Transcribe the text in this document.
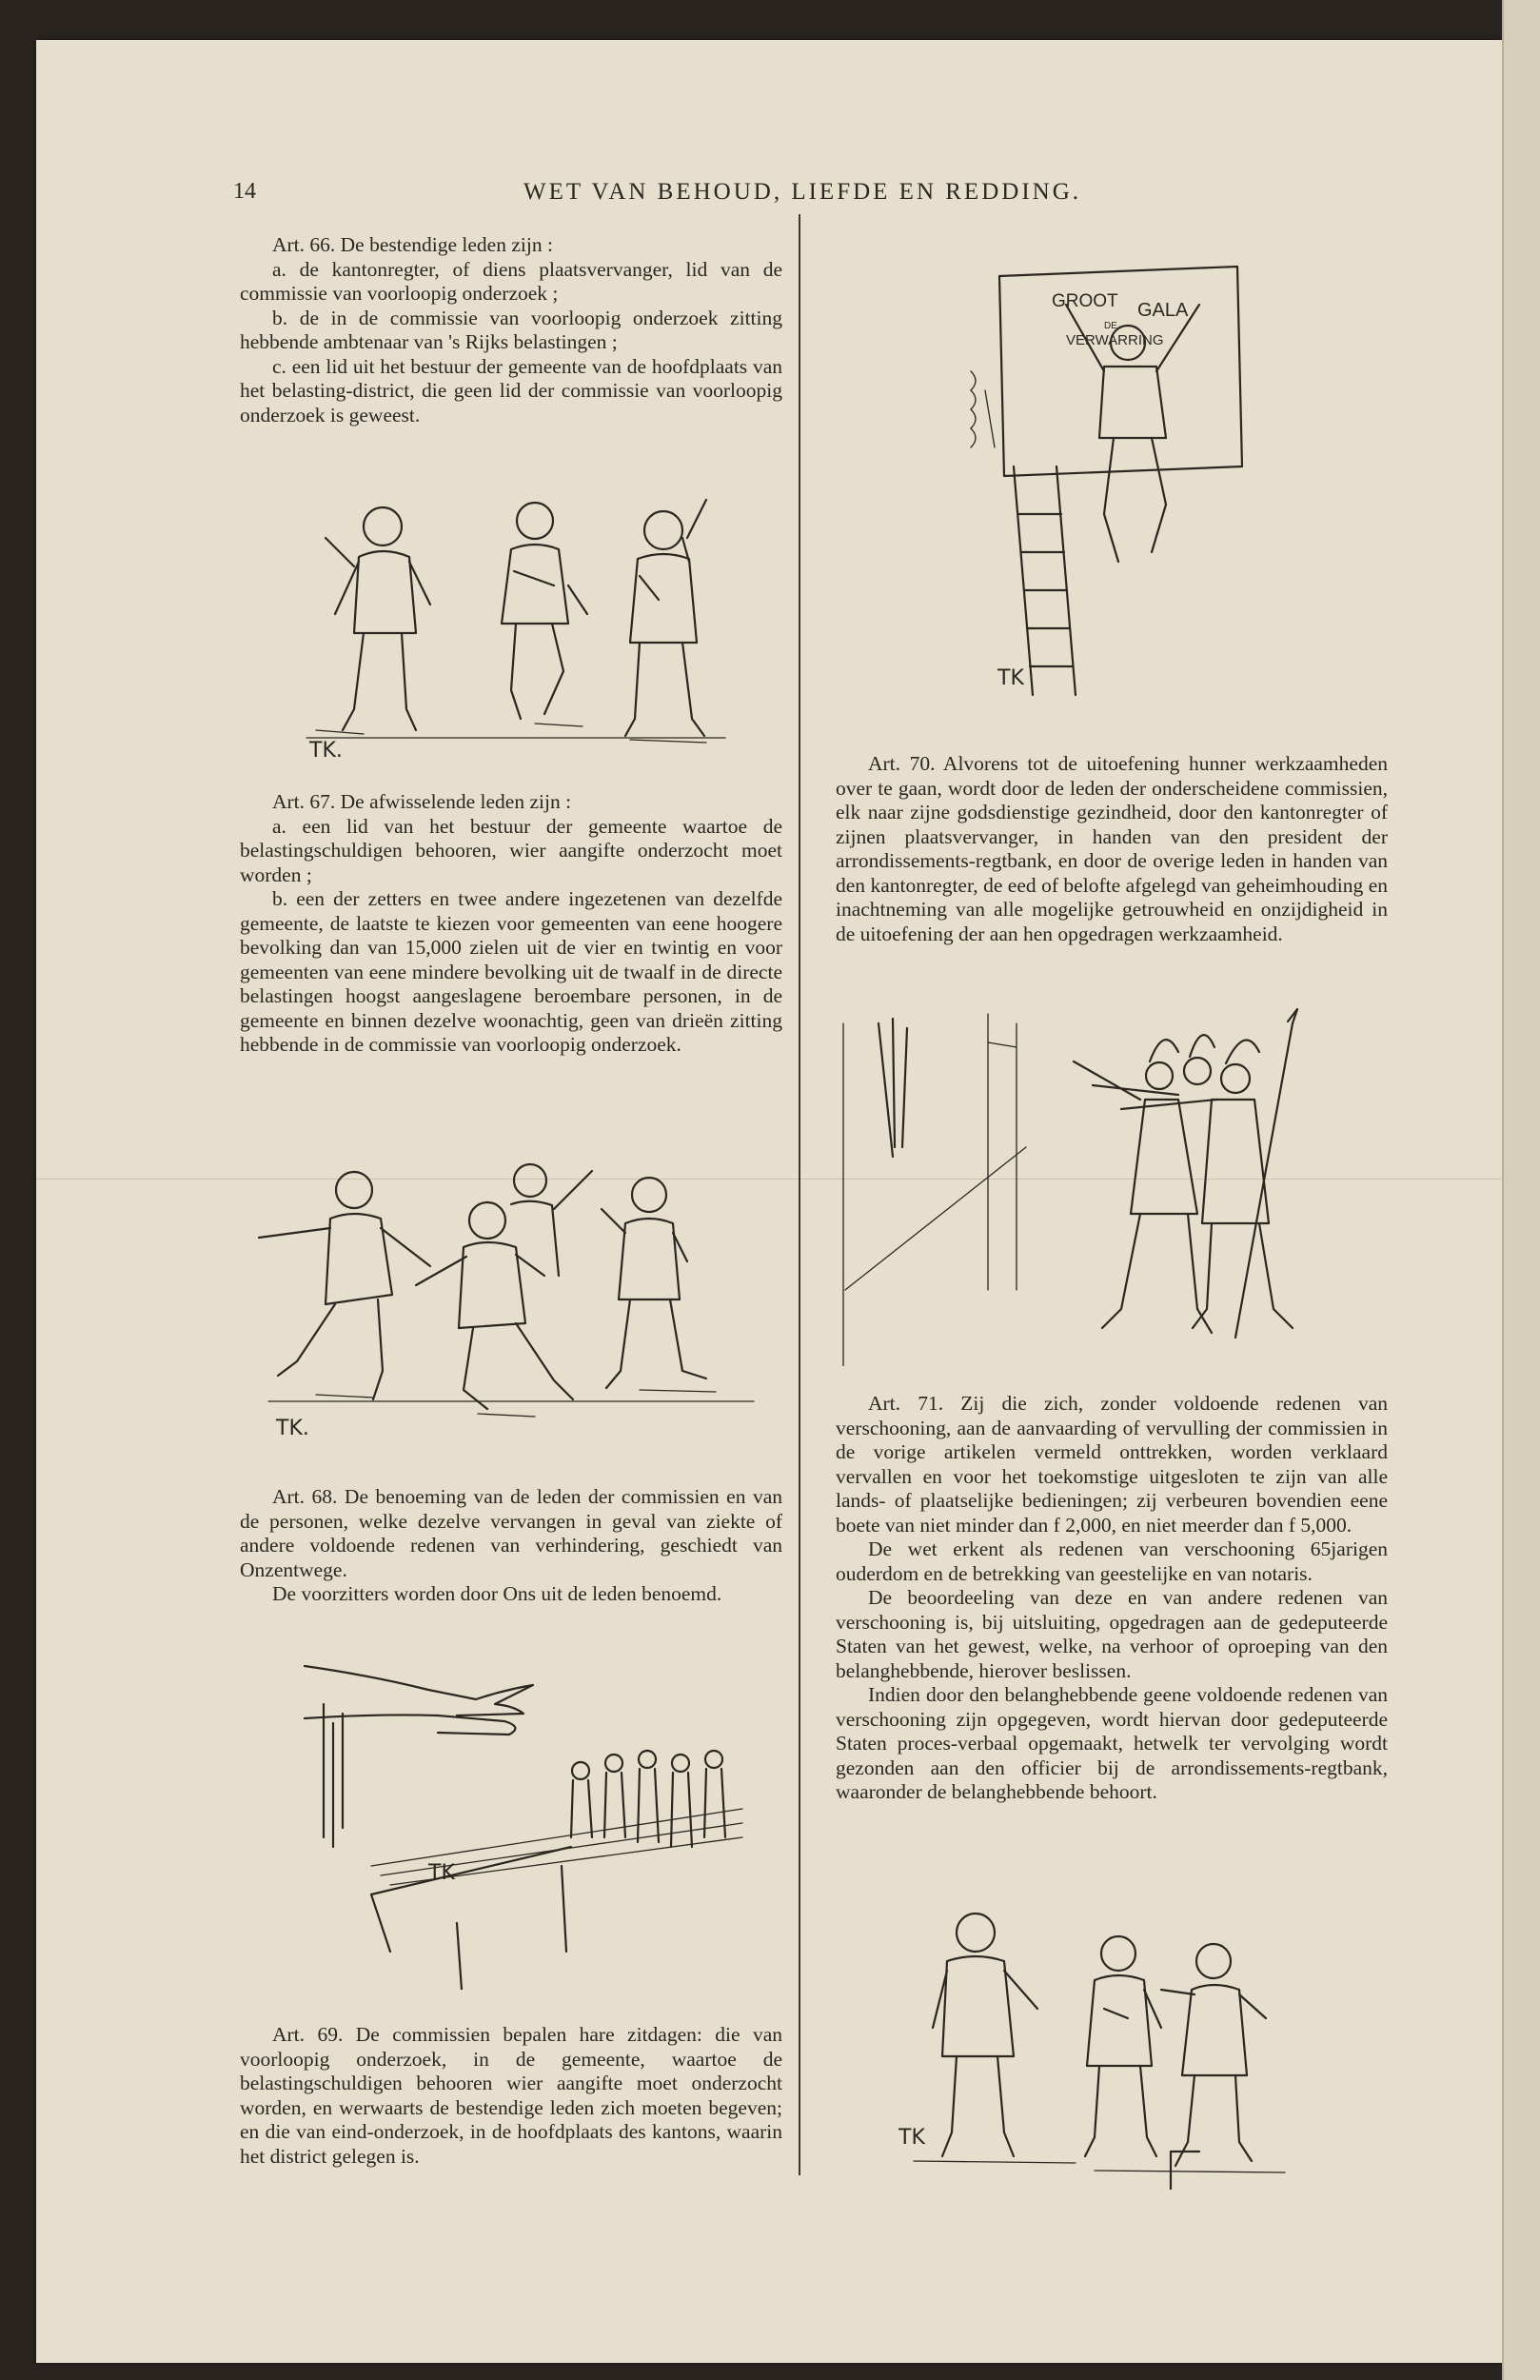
14	WET VAN BEHOUD, LIEFDE EN REDDING.

Art. 66. De bestendige leden zijn :

a. de kantonregter, of diens plaatsvervanger, lid van de commissie van voorloopig onderzoek ;

b. de in de commissie van voorloopig onderzoek zitting hebbende ambtenaar van 's Rijks belastingen ;

c. een lid uit het bestuur der gemeente van de hoofdplaats van het belasting-district, die geen lid der commissie van voorloopig onderzoek is geweest.

TK.

Art. 67. De afwisselende leden zijn :

a. een lid van het bestuur der gemeente waartoe de belastingschuldigen behooren, wier aangifte onderzocht moet worden ;

b. een der zetters en twee andere ingezetenen van dezelfde gemeente, de laatste te kiezen voor gemeenten van eene hoogere bevolking dan van 15,000 zielen uit de vier en twintig en voor gemeenten van eene mindere bevolking uit de twaalf in de directe belastingen hoogst aangeslagene beroembare personen, in de gemeente en binnen dezelve woonachtig, geen van drieën zitting hebbende in de commissie van voorloopig onderzoek.

TK.

Art. 68. De benoeming van de leden der commissien en van de personen, welke dezelve vervangen in geval van ziekte of andere voldoende redenen van verhindering, geschiedt van Onzentwege.

De voorzitters worden door Ons uit de leden benoemd.

TK

Art. 69. De commissien bepalen hare zitdagen: die van voorloopig onderzoek, in de gemeente, waartoe de belastingschuldigen behooren wier aangifte moet onderzocht worden, en werwaarts de bestendige leden zich moeten begeven; en die van eind-onderzoek, in de hoofdplaats des kantons, waarin het district gelegen is.

GROOT GALA
DE
VERWARRING
TK

Art. 70. Alvorens tot de uitoefening hunner werkzaamheden over te gaan, wordt door de leden der onderscheidene commissien, elk naar zijne godsdienstige gezindheid, door den kantonregter of zijnen plaatsvervanger, in handen van den president der arrondissements-regtbank, en door de overige leden in handen van den kantonregter, de eed of belofte afgelegd van geheimhouding en inachtneming van alle mogelijke getrouwheid en onzijdigheid in de uitoefening der aan hen opgedragen werkzaamheid.

Art. 71. Zij die zich, zonder voldoende redenen van verschooning, aan de aanvaarding of vervulling der commissien in de vorige artikelen vermeld onttrekken, worden verklaard vervallen en voor het toekomstige uitgesloten te zijn van alle lands- of plaatselijke bedieningen; zij verbeuren bovendien eene boete van niet minder dan f 2,000, en niet meerder dan f 5,000.

De wet erkent als redenen van verschooning 65jarigen ouderdom en de betrekking van geestelijke en van notaris.

De beoordeeling van deze en van andere redenen van verschooning is, bij uitsluiting, opgedragen aan de gedeputeerde Staten van het gewest, welke, na verhoor of oproeping van den belanghebbende, hierover beslissen.

Indien door den belanghebbende geene voldoende redenen van verschooning zijn opgegeven, wordt hiervan door gedeputeerde Staten proces-verbaal opgemaakt, hetwelk ter vervolging wordt gezonden aan den officier bij de arrondissements-regtbank, waaronder de belanghebbende behoort.

TK
